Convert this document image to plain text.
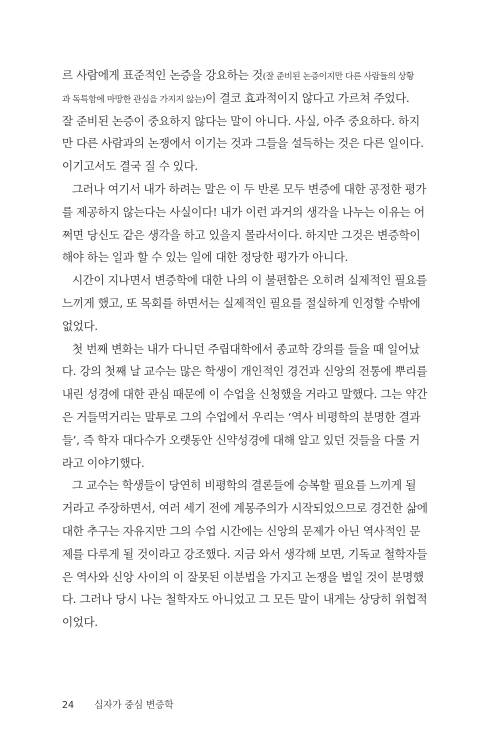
르 사람에게 표준적인 논증을 강요하는 것(잘 준비된 논증이지만 다른 사람들의 상황
과 독특함에 마땅한 관심을 가지지 않는)이 결코 효과적이지 않다고 가르쳐 주었다.
잘 준비된 논증이 중요하지 않다는 말이 아니다. 사실, 아주 중요하다. 하지
만 다른 사람과의 논쟁에서 이기는 것과 그들을 설득하는 것은 다른 일이다.
이기고서도 결국 질 수 있다.
그러나 여기서 내가 하려는 말은 이 두 반론 모두 변증에 대한 공정한 평가
를 제공하지 않는다는 사실이다! 내가 이런 과거의 생각을 나누는 이유는 어
쩌면 당신도 같은 생각을 하고 있을지 몰라서이다. 하지만 그것은 변증학이
해야 하는 일과 할 수 있는 일에 대한 정당한 평가가 아니다.
시간이 지나면서 변증학에 대한 나의 이 불편함은 오히려 실제적인 필요를
느끼게 했고, 또 목회를 하면서는 실제적인 필요를 절실하게 인정할 수밖에
없었다.
첫 번째 변화는 내가 다니던 주립대학에서 종교학 강의를 들을 때 일어났
다. 강의 첫째 날 교수는 많은 학생이 개인적인 경건과 신앙의 전통에 뿌리를
내린 성경에 대한 관심 때문에 이 수업을 신청했을 거라고 말했다. 그는 약간
은 거들먹거리는 말투로 그의 수업에서 우리는 ‘역사 비평학의 분명한 결과
들’, 즉 학자 대다수가 오랫동안 신약성경에 대해 알고 있던 것들을 다룰 거
라고 이야기했다.
그 교수는 학생들이 당연히 비평학의 결론들에 승복할 필요를 느끼게 될
거라고 주장하면서, 여러 세기 전에 계몽주의가 시작되었으므로 경건한 삶에
대한 추구는 자유지만 그의 수업 시간에는 신앙의 문제가 아닌 역사적인 문
제를 다루게 될 것이라고 강조했다. 지금 와서 생각해 보면, 기독교 철학자들
은 역사와 신앙 사이의 이 잘못된 이분법을 가지고 논쟁을 벌일 것이 분명했
다. 그러나 당시 나는 철학자도 아니었고 그 모든 말이 내게는 상당히 위협적
이었다.
24 십자가 중심 변증학
